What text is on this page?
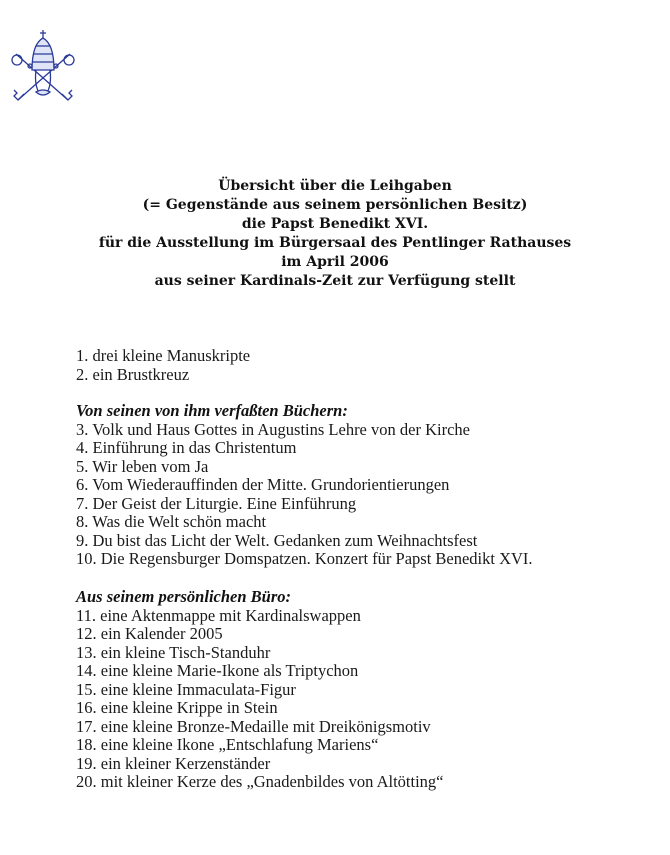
Übersicht über die Leihgaben
(= Gegenstände aus seinem persönlichen Besitz)
die Papst Benedikt XVI.
für die Ausstellung im Bürgersaal des Pentlinger Rathauses
im April 2006
aus seiner Kardinals-Zeit zur Verfügung stellt
1. drei kleine Manuskripte
2. ein Brustkreuz
Von seinen von ihm verfaßten Büchern:
3. Volk und Haus Gottes in Augustins Lehre von der Kirche
4. Einführung in das Christentum
5. Wir leben vom Ja
6. Vom Wiederauffinden der Mitte. Grundorientierungen
7. Der Geist der Liturgie. Eine Einführung
8. Was die Welt schön macht
9. Du bist das Licht der Welt. Gedanken zum Weihnachtsfest
10. Die Regensburger Domspatzen. Konzert für Papst Benedikt XVI.
Aus seinem persönlichen Büro:
11. eine Aktenmappe mit Kardinalswappen
12. ein Kalender 2005
13. ein kleine Tisch-Standuhr
14. eine kleine Marie-Ikone als Triptychon
15. eine kleine Immaculata-Figur
16. eine kleine Krippe in Stein
17. eine kleine Bronze-Medaille mit Dreikönigsmotiv
18. eine kleine Ikone „Entschlafung Mariens“
19. ein kleiner Kerzenständer
20. mit kleiner Kerze des „Gnadenbildes von Altötting“
